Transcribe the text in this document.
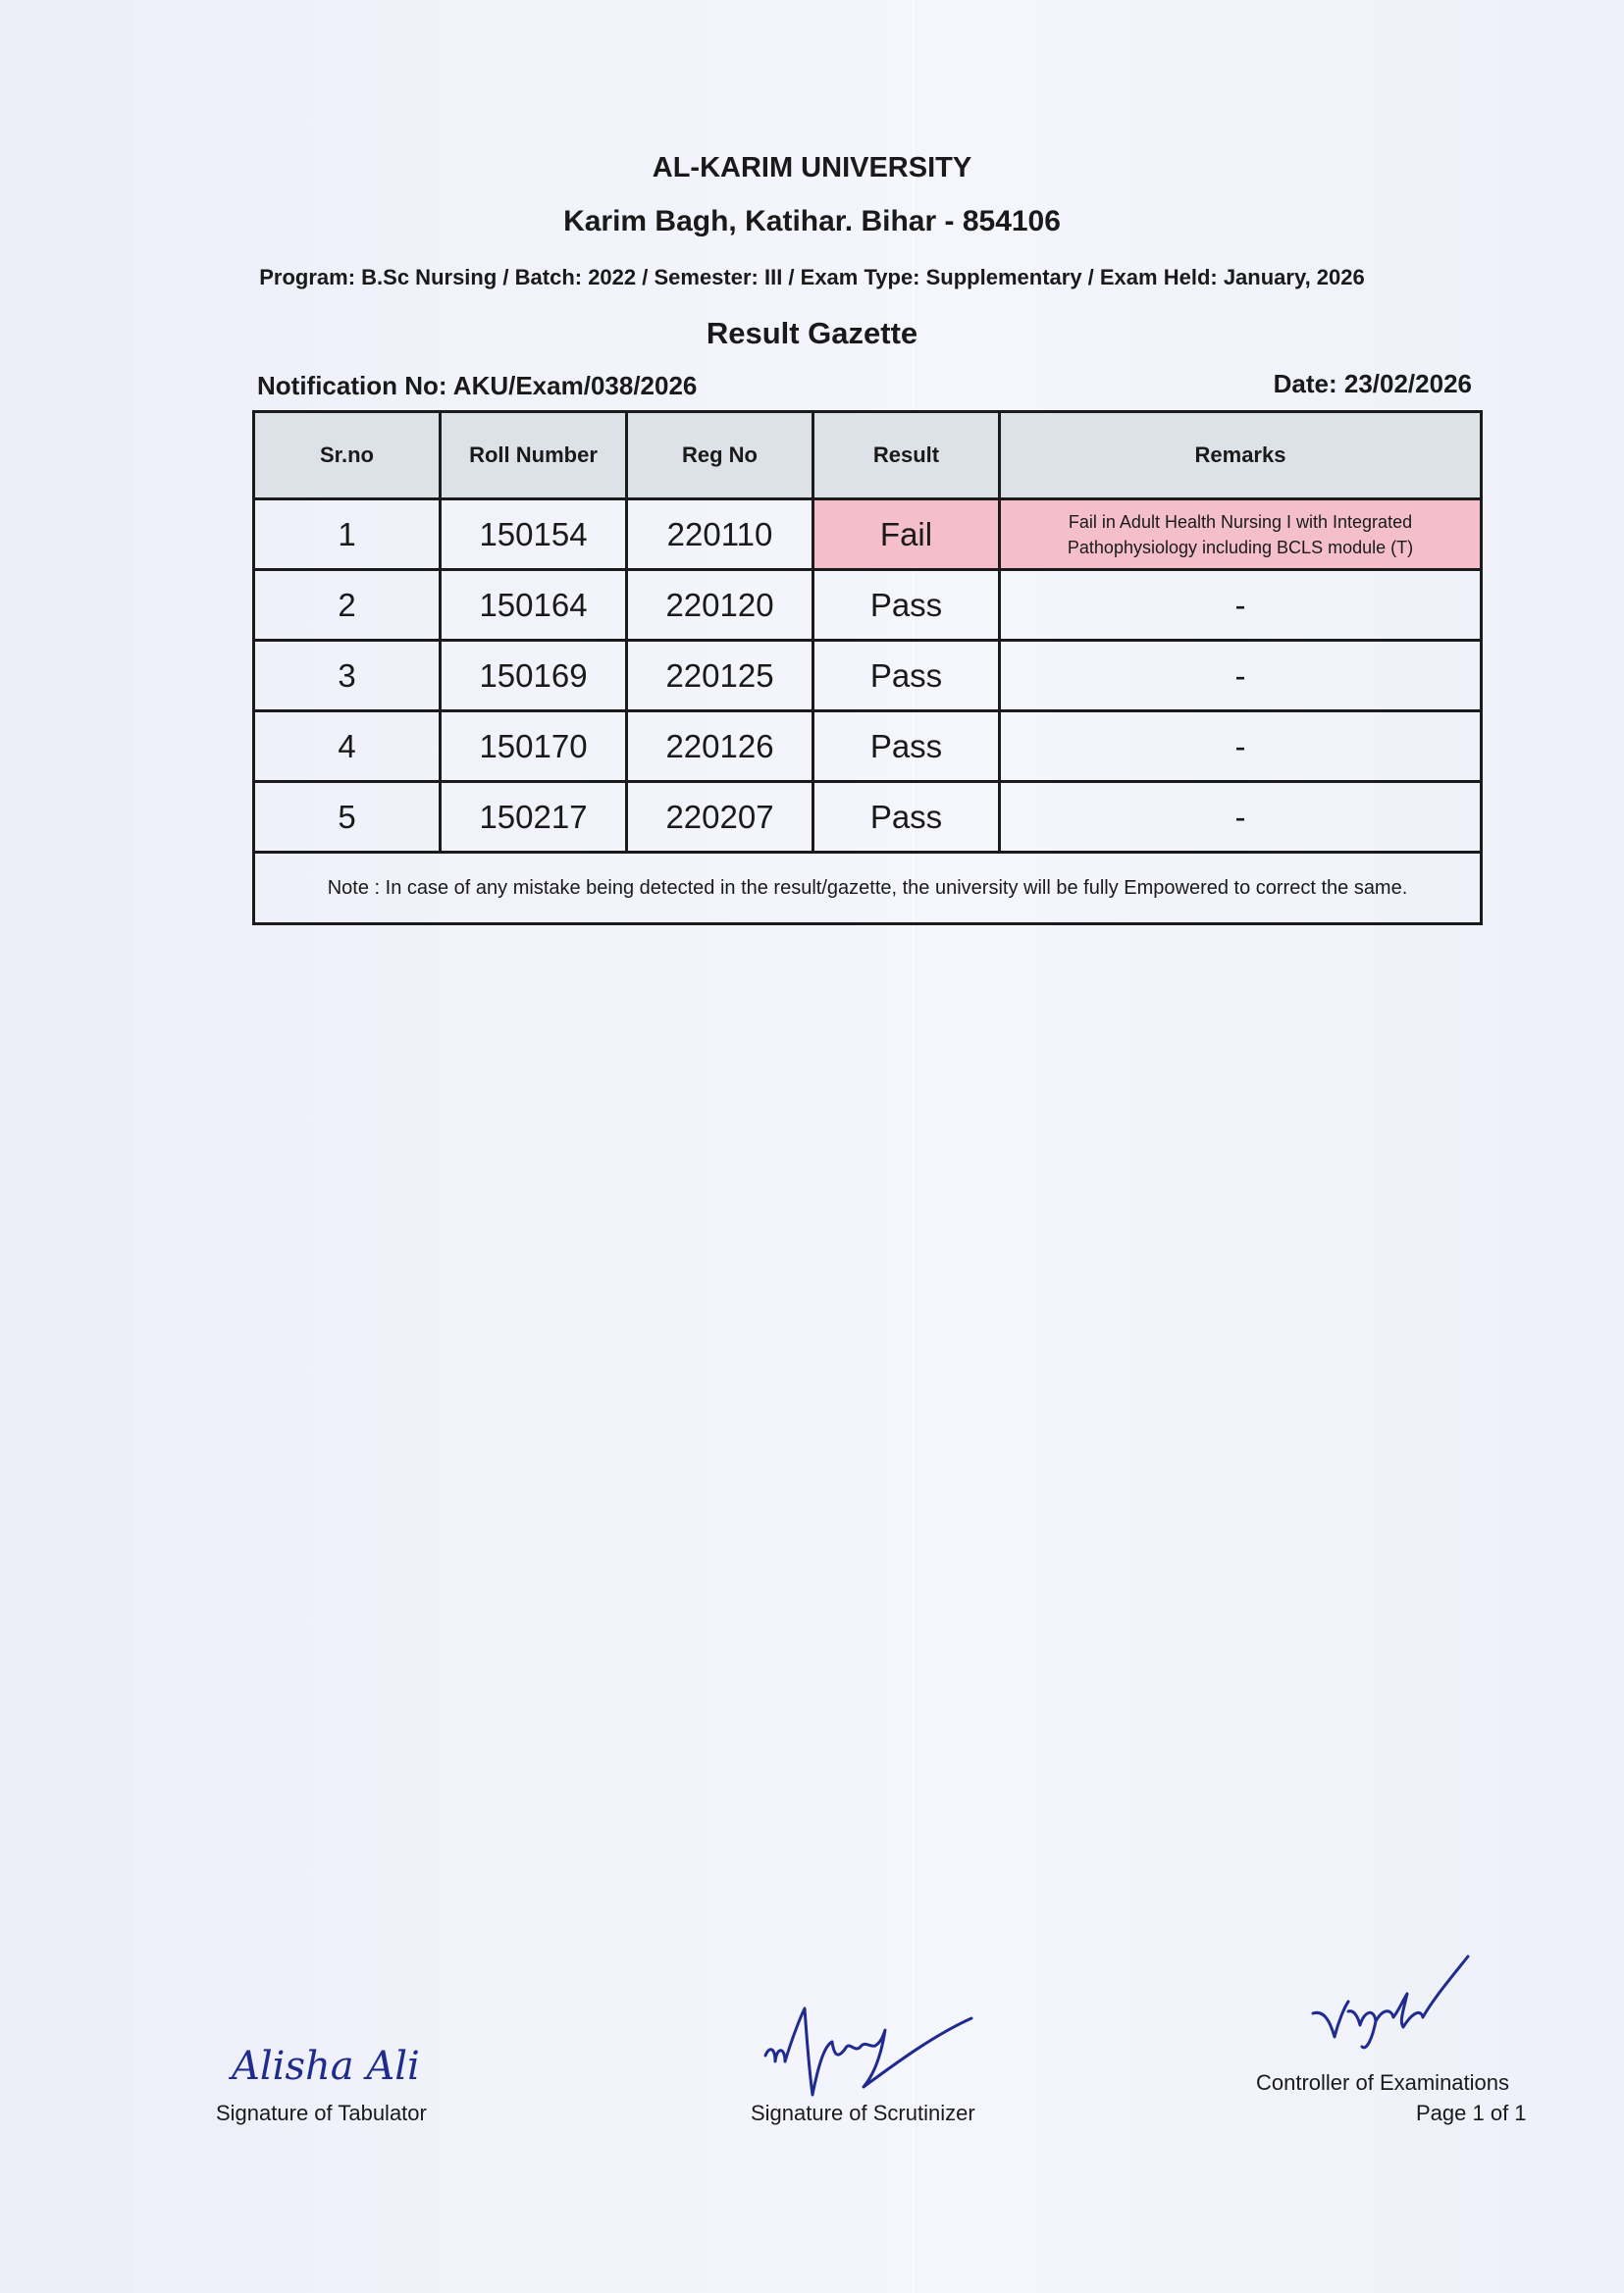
AL-KARIM UNIVERSITY
Karim Bagh, Katihar. Bihar - 854106
Program: B.Sc Nursing / Batch: 2022 / Semester: III / Exam Type: Supplementary / Exam Held: January, 2026
Result Gazette
Notification No: AKU/Exam/038/2026	Date: 23/02/2026
Sr.no	Roll Number	Reg No	Result	Remarks
1	150154	220110	Fail	Fail in Adult Health Nursing I with Integrated
Pathophysiology including BCLS module (T)

2	150164	220120	Pass	-
3	150169	220125	Pass	-
4	150170	220126	Pass	-
5	150217	220207	Pass	-
Note : In case of any mistake being detected in the result/gazette, the university will be fully Empowered to correct the same.				
Alisha Ali
Signature of Tabulator	Signature of Scrutinizer
Controller of Examinations
Page 1 of 1
